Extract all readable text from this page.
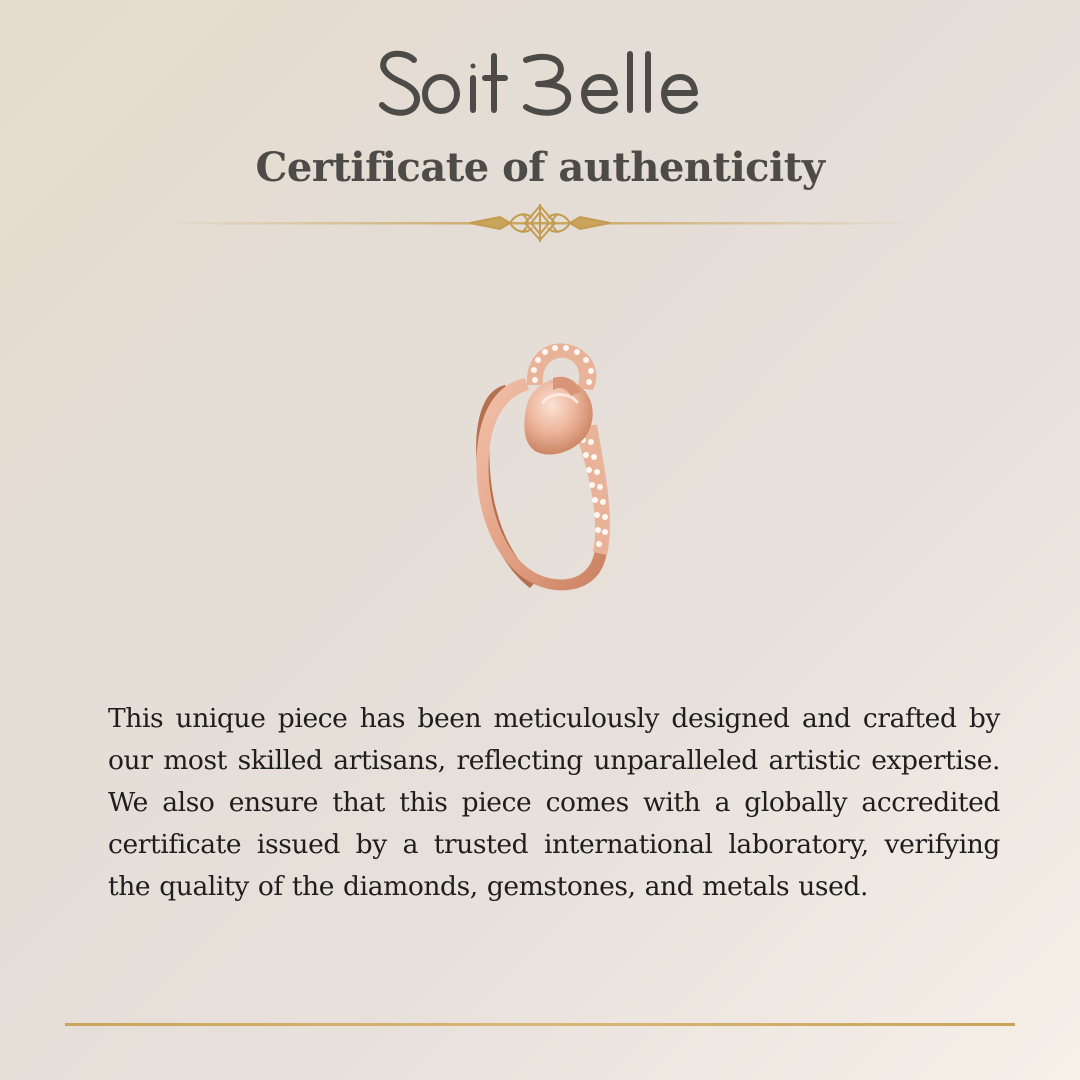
Certificate of authenticity

This unique piece has been meticulously designed and crafted by our most skilled artisans, reflecting unparalleled artistic expertise. We also ensure that this piece comes with a globally accredited certificate issued by a trusted international laboratory, verifying the quality of the diamonds, gemstones, and metals used.
